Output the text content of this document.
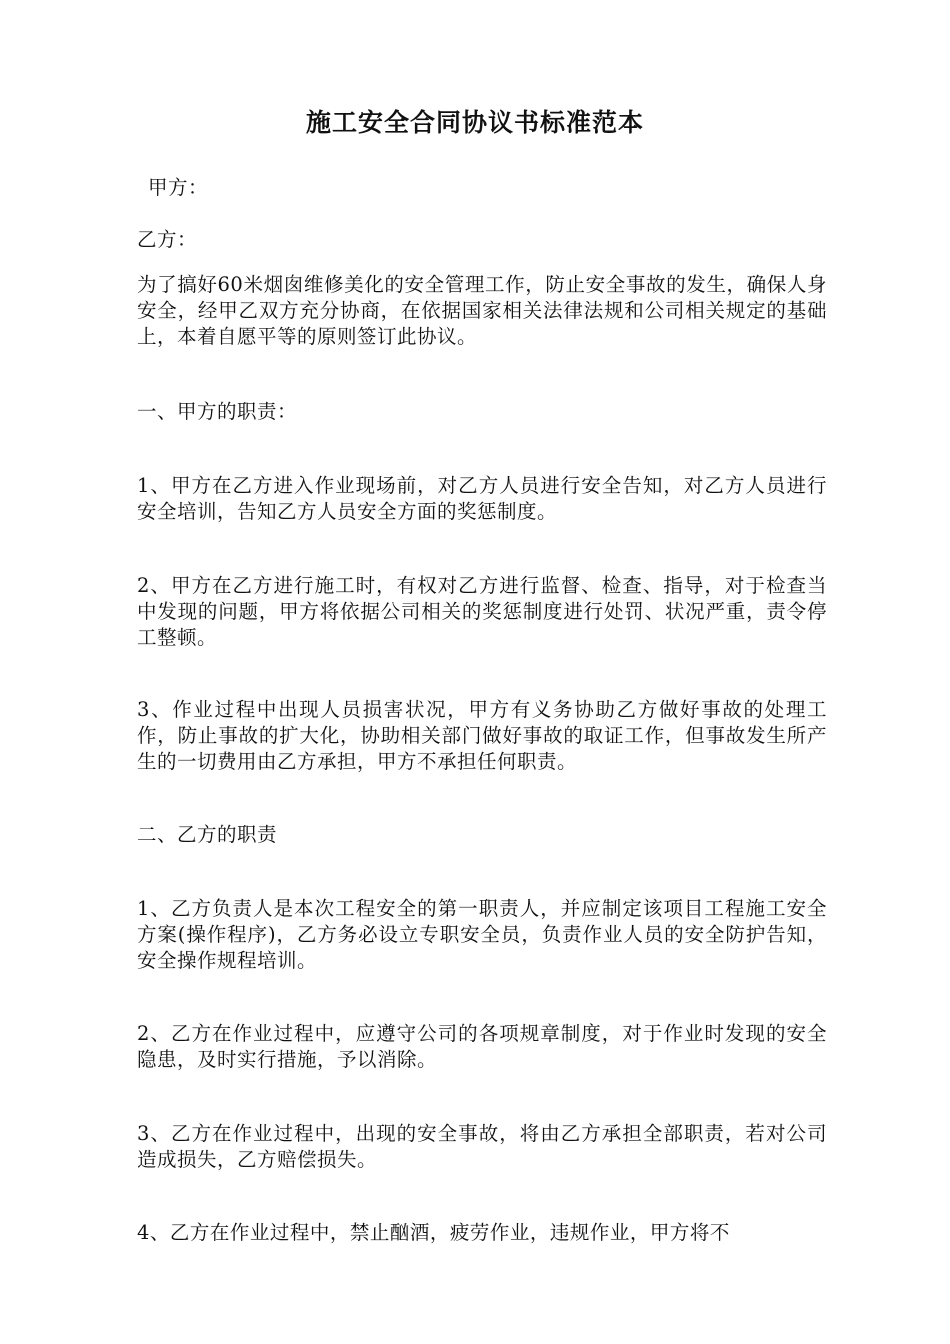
施工安全合同协议书标准范本

甲方：

乙方：

为了搞好60米烟囱维修美化的安全管理工作，防止安全事故的发生，确保人身安全，经甲乙双方充分协商，在依据国家相关法律法规和公司相关规定的基础上，本着自愿平等的原则签订此协议。

一、甲方的职责：

1、甲方在乙方进入作业现场前，对乙方人员进行安全告知，对乙方人员进行安全培训，告知乙方人员安全方面的奖惩制度。

2、甲方在乙方进行施工时，有权对乙方进行监督、检查、指导，对于检查当中发现的问题，甲方将依据公司相关的奖惩制度进行处罚、状况严重，责令停工整顿。

3、作业过程中出现人员损害状况，甲方有义务协助乙方做好事故的处理工作，防止事故的扩大化，协助相关部门做好事故的取证工作，但事故发生所产生的一切费用由乙方承担，甲方不承担任何职责。

二、乙方的职责

1、乙方负责人是本次工程安全的第一职责人，并应制定该项目工程施工安全方案(操作程序)，乙方务必设立专职安全员，负责作业人员的安全防护告知，安全操作规程培训。

2、乙方在作业过程中，应遵守公司的各项规章制度，对于作业时发现的安全隐患，及时实行措施，予以消除。

3、乙方在作业过程中，出现的安全事故，将由乙方承担全部职责，若对公司造成损失，乙方赔偿损失。

4、乙方在作业过程中，禁止酗酒，疲劳作业，违规作业，甲方将不
